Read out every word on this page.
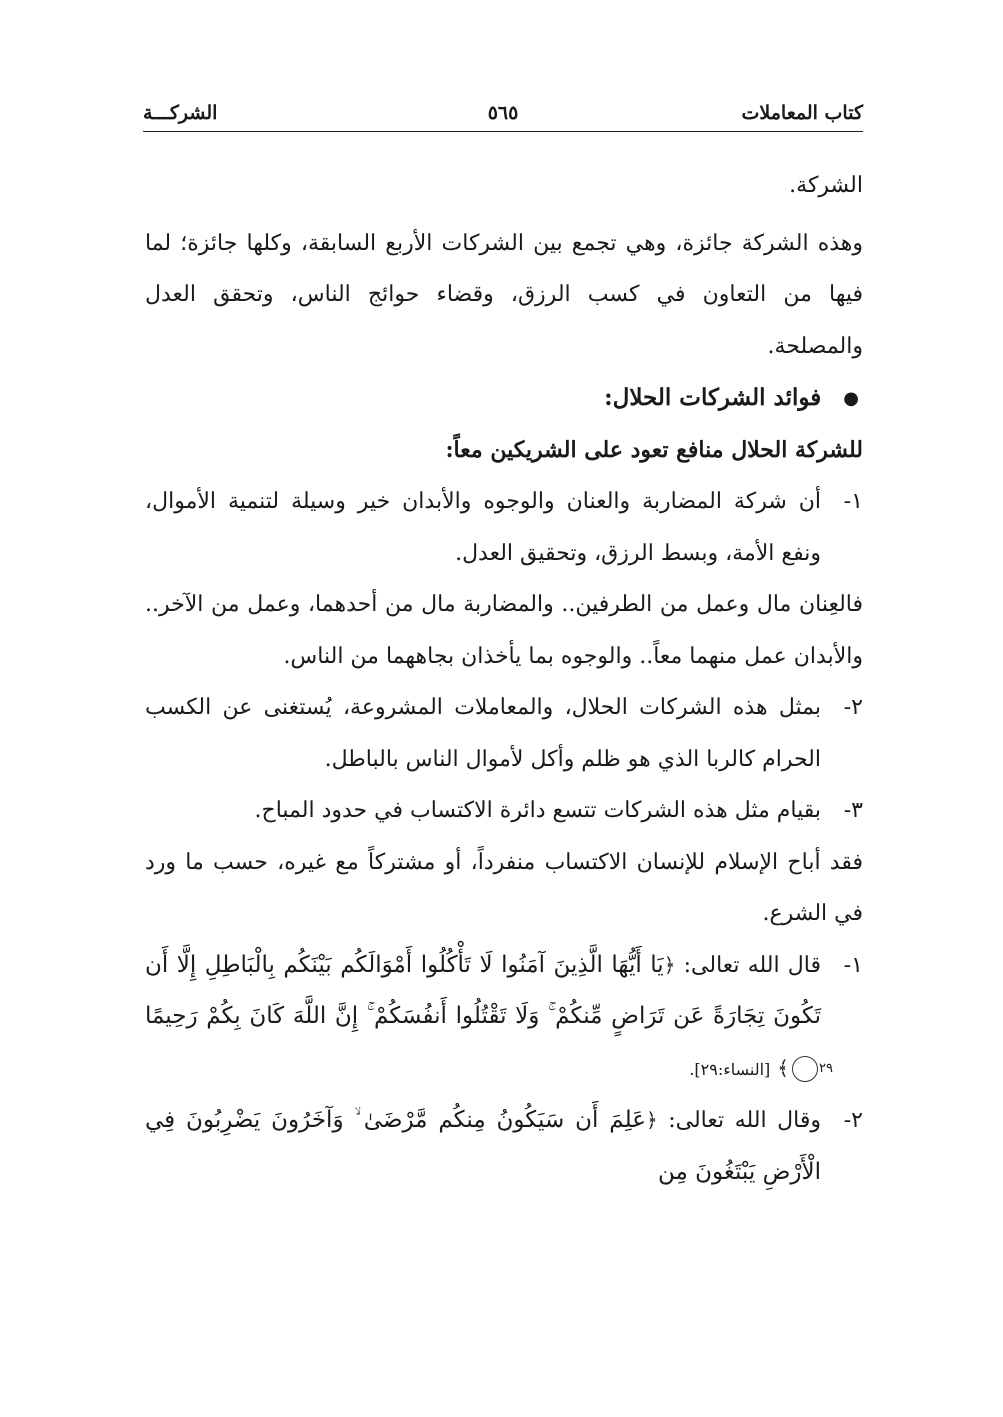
كتاب المعاملات
٥٦٥
الشركـــة

الشركة.

وهذه الشركة جائزة، وهي تجمع بين الشركات الأربع السابقة، وكلها جائزة؛ لما فيها من التعاون في كسب الرزق، وقضاء حوائج الناس، وتحقق العدل والمصلحة.

●فوائد الشركات الحلال:

للشركة الحلال منافع تعود على الشريكين معاً:

١-أن شركة المضاربة والعنان والوجوه والأبدان خير وسيلة لتنمية الأموال، ونفع الأمة، وبسط الرزق، وتحقيق العدل.

فالعِنان مال وعمل من الطرفين.. والمضاربة مال من أحدهما، وعمل من الآخر.. والأبدان عمل منهما معاً.. والوجوه بما يأخذان بجاههما من الناس.

٢-بمثل هذه الشركات الحلال، والمعاملات المشروعة، يُستغنى عن الكسب الحرام كالربا الذي هو ظلم وأكل لأموال الناس بالباطل.

٣-بقيام مثل هذه الشركات تتسع دائرة الاكتساب في حدود المباح.

فقد أباح الإسلام للإنسان الاكتساب منفرداً، أو مشتركاً مع غيره، حسب ما ورد في الشرع.

١-قال الله تعالى: ﴿يَا أَيُّهَا الَّذِينَ آمَنُوا لَا تَأْكُلُوا أَمْوَالَكُم بَيْنَكُم بِالْبَاطِلِ إِلَّا أَن تَكُونَ تِجَارَةً عَن تَرَاضٍ مِّنكُمْ ۚ وَلَا تَقْتُلُوا أَنفُسَكُمْ ۚ إِنَّ اللَّهَ كَانَ بِكُمْ رَحِيمًا٢٩﴾ [النساء:٢٩].

٢-وقال الله تعالى: ﴿عَلِمَ أَن سَيَكُونُ مِنكُم مَّرْضَىٰ ۙ وَآخَرُونَ يَضْرِبُونَ فِي الْأَرْضِ يَبْتَغُونَ مِن
